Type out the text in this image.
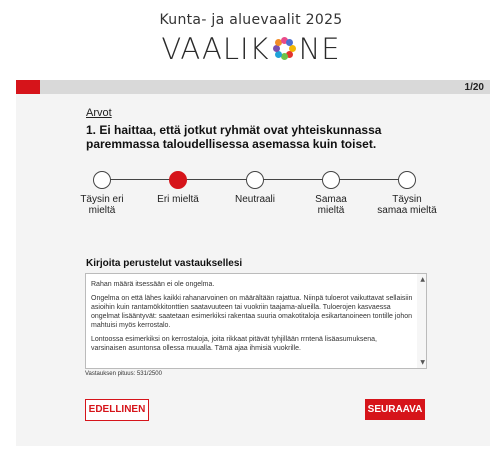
Kunta- ja aluevaalit 2025
VAALIK NE
1/20
Arvot
1. Ei haittaa, että jotkut ryhmät ovat yhteiskunnassa paremmassa taloudellisessa asemassa kuin toiset.
Täysin eri mieltä
Eri mieltä	Neutraali	Samaa mieltä
Täysin samaa mieltä
Kirjoita perustelut vastauksellesi

Rahan määrä itsessään ei ole ongelma.

Ongelma on että lähes kaikki rahanarvoinen on määrältään rajattua. Niinpä tuloerot vaikuttavat sellaisiin asioihin kuin rantamökkitonttien saatavuuteen tai vuokriin taajama-alueilla. Tuloerojen kasvaessa ongelmat lisääntyvät: saatetaan esimerkiksi rakentaa suuria omakotitaloja esikartanoineen tontille johon mahtuisi myös kerrostalo.

Lontoossa esimerkiksi on kerrostaloja, joita rikkaat pitävät tyhjillään rrntenä lisäasumuksena, varsinaisen asuntonsa ollessa muualla. Tämä ajaa ihmisiä vuokrille.

▲
▼
Vastauksen pituus: 531/2500
EDELLINEN	SEURAAVA
